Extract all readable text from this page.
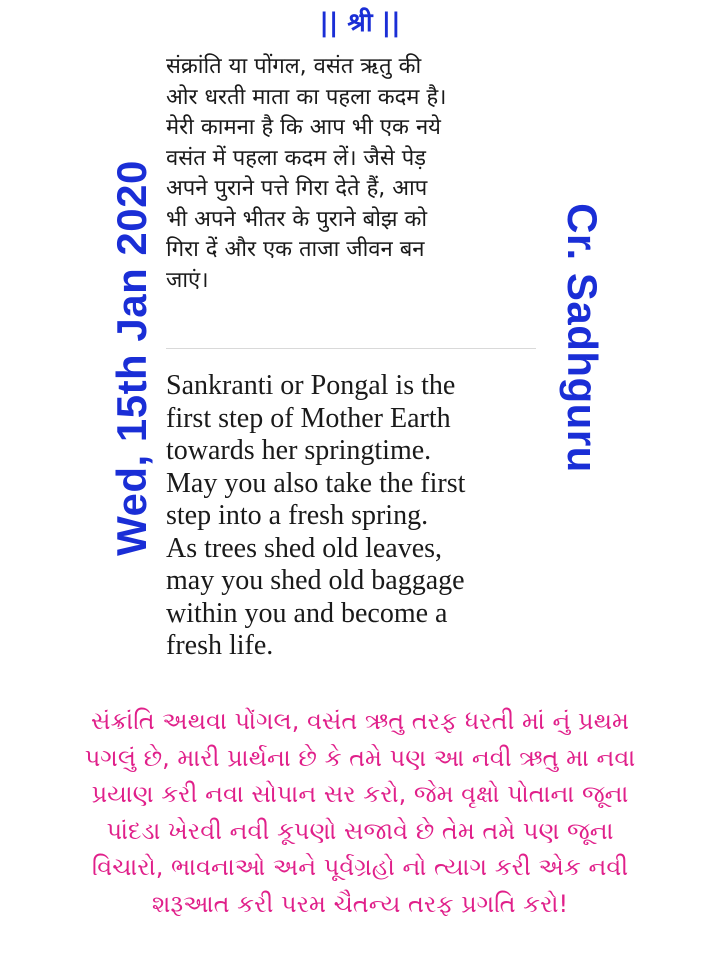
|| श्री ||
Wed, 15th Jan 2020	Cr. Sadhguru
संक्रांति या पोंगल, वसंत ऋतु की
ओर धरती माता का पहला कदम है।
मेरी कामना है कि आप भी एक नये
वसंत में पहला कदम लें। जैसे पेड़
अपने पुराने पत्ते गिरा देते हैं, आप
भी अपने भीतर के पुराने बोझ को
गिरा दें और एक ताजा जीवन बन
जाएं।
Sankranti or Pongal is the
first step of Mother Earth
towards her springtime.
May you also take the first
step into a fresh spring.
As trees shed old leaves,
may you shed old baggage
within you and become a
fresh life.
સંક્રાંતિ અથવા પોંગલ, વસંત ઋતુ તરફ ધરતી માં નું પ્રથમ
પગલું છે, મારી પ્રાર્થના છે કે તમે પણ આ નવી ઋતુ મા નવા
પ્રયાણ કરી નવા સોપાન સર કરો, જેમ વૃક્ષો પોતાના જૂના
પાંદડા ખેરવી નવી કૂપણો સજાવે છે તેમ તમે પણ જૂના
વિચારો, ભાવનાઓ અને પૂર્વગ્રહો નો ત્યાગ કરી એક નવી
શરૂઆત કરી પરમ ચૈતન્ય તરફ પ્રગતિ કરો!
